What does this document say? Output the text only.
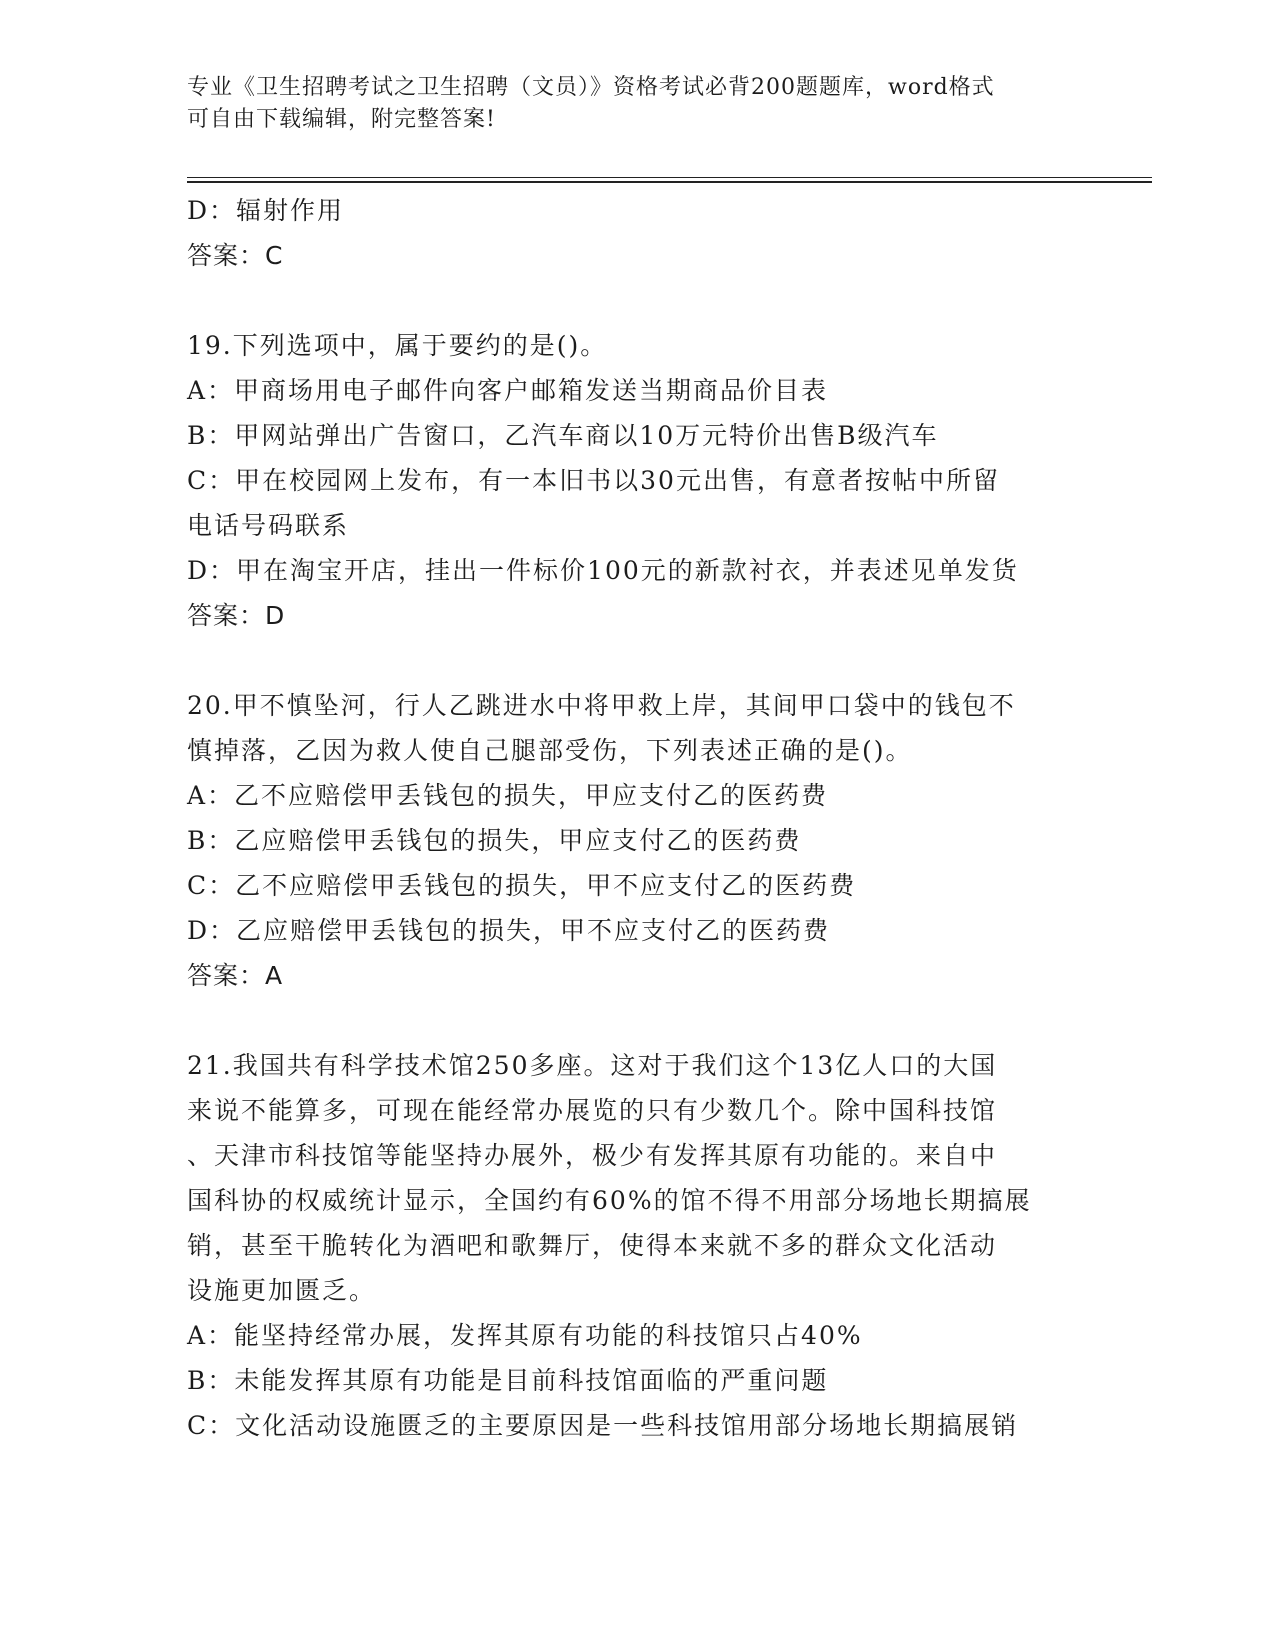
专业《卫生招聘考试之卫生招聘（文员）》资格考试必背200题题库，word格式
可自由下载编辑，附完整答案!
D：辐射作用
答案：C
19.下列选项中，属于要约的是()。
A：甲商场用电子邮件向客户邮箱发送当期商品价目表
B：甲网站弹出广告窗口，乙汽车商以10万元特价出售B级汽车
C：甲在校园网上发布，有一本旧书以30元出售，有意者按帖中所留
电话号码联系
D：甲在淘宝开店，挂出一件标价100元的新款衬衣，并表述见单发货
答案：D
20.甲不慎坠河，行人乙跳进水中将甲救上岸，其间甲口袋中的钱包不
慎掉落，乙因为救人使自己腿部受伤，下列表述正确的是()。
A：乙不应赔偿甲丢钱包的损失，甲应支付乙的医药费
B：乙应赔偿甲丢钱包的损失，甲应支付乙的医药费
C：乙不应赔偿甲丢钱包的损失，甲不应支付乙的医药费
D：乙应赔偿甲丢钱包的损失，甲不应支付乙的医药费
答案：A
21.我国共有科学技术馆250多座。这对于我们这个13亿人口的大国
来说不能算多，可现在能经常办展览的只有少数几个。除中国科技馆
、天津市科技馆等能坚持办展外，极少有发挥其原有功能的。来自中
国科协的权威统计显示，全国约有60%的馆不得不用部分场地长期搞展
销，甚至干脆转化为酒吧和歌舞厅，使得本来就不多的群众文化活动
设施更加匮乏。
A：能坚持经常办展，发挥其原有功能的科技馆只占40%
B：未能发挥其原有功能是目前科技馆面临的严重问题
C：文化活动设施匮乏的主要原因是一些科技馆用部分场地长期搞展销
